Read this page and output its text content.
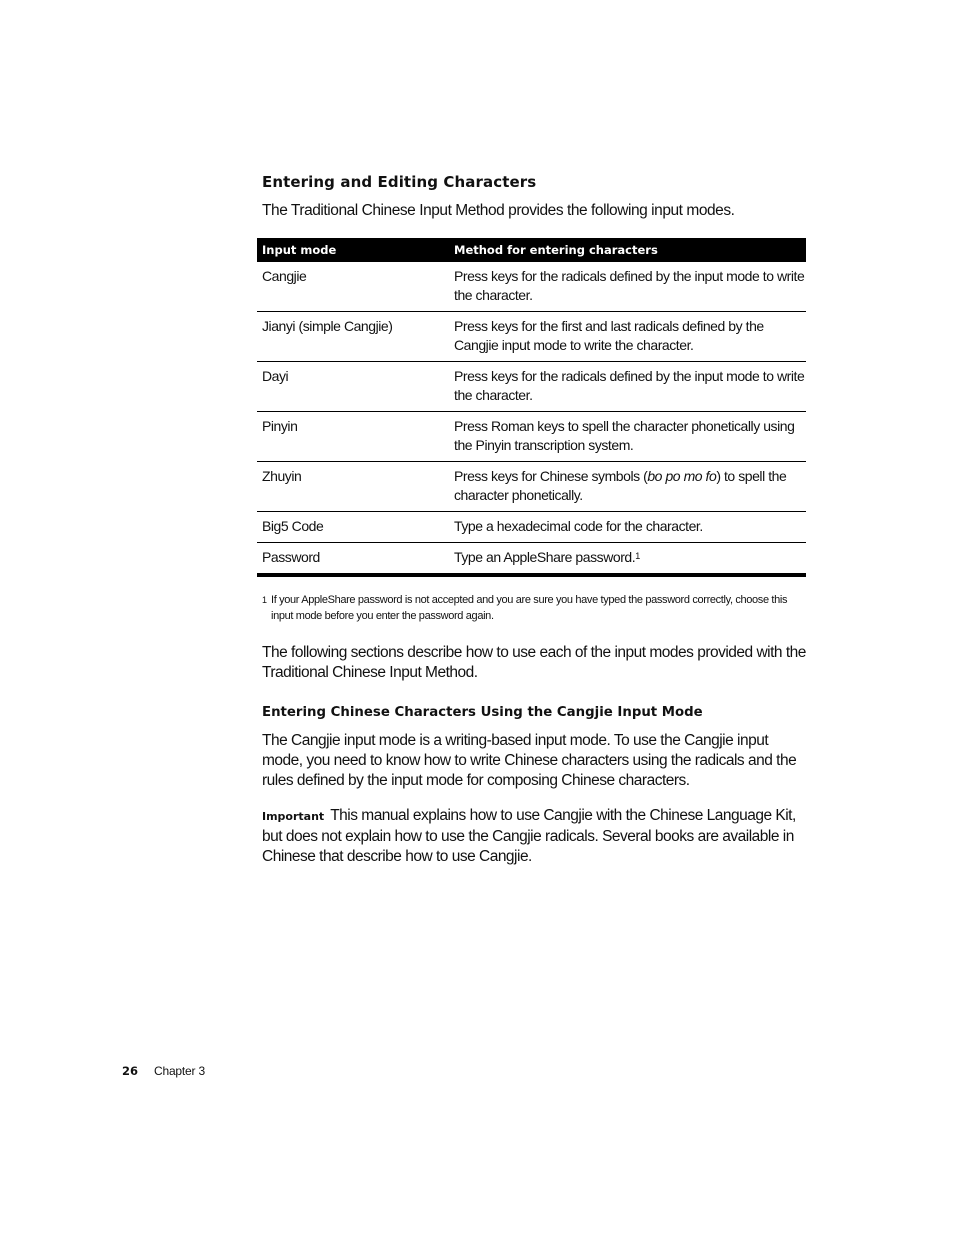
Entering and Editing Characters
The Traditional Chinese Input Method provides the following input modes.
Input mode	Method for entering characters
Cangjie	Press keys for the radicals defined by the input mode to write the character.
Jianyi (simple Cangjie)	Press keys for the first and last radicals defined by the Cangjie input mode to write the character.
Dayi	Press keys for the radicals defined by the input mode to write the character.
Pinyin	Press Roman keys to spell the character phonetically using the Pinyin transcription system.
Zhuyin	Press keys for Chinese symbols (bo po mo fo) to spell the character phonetically.
Big5 Code	Type a hexadecimal code for the character.
Password	Type an AppleShare password.$^1$
1 If your AppleShare password is not accepted and you are sure you have typed the password correctly, choose this input mode before you enter the password again.
The following sections describe how to use each of the input modes provided with the Traditional Chinese Input Method.
Entering Chinese Characters Using the Cangjie Input Mode
The Cangjie input mode is a writing-based input mode. To use the Cangjie input mode, you need to know how to write Chinese characters using the radicals and the rules defined by the input mode for composing Chinese characters.
Important This manual explains how to use Cangjie with the Chinese Language Kit, but does not explain how to use the Cangjie radicals. Several books are available in Chinese that describe how to use Cangjie.
26 Chapter 3
